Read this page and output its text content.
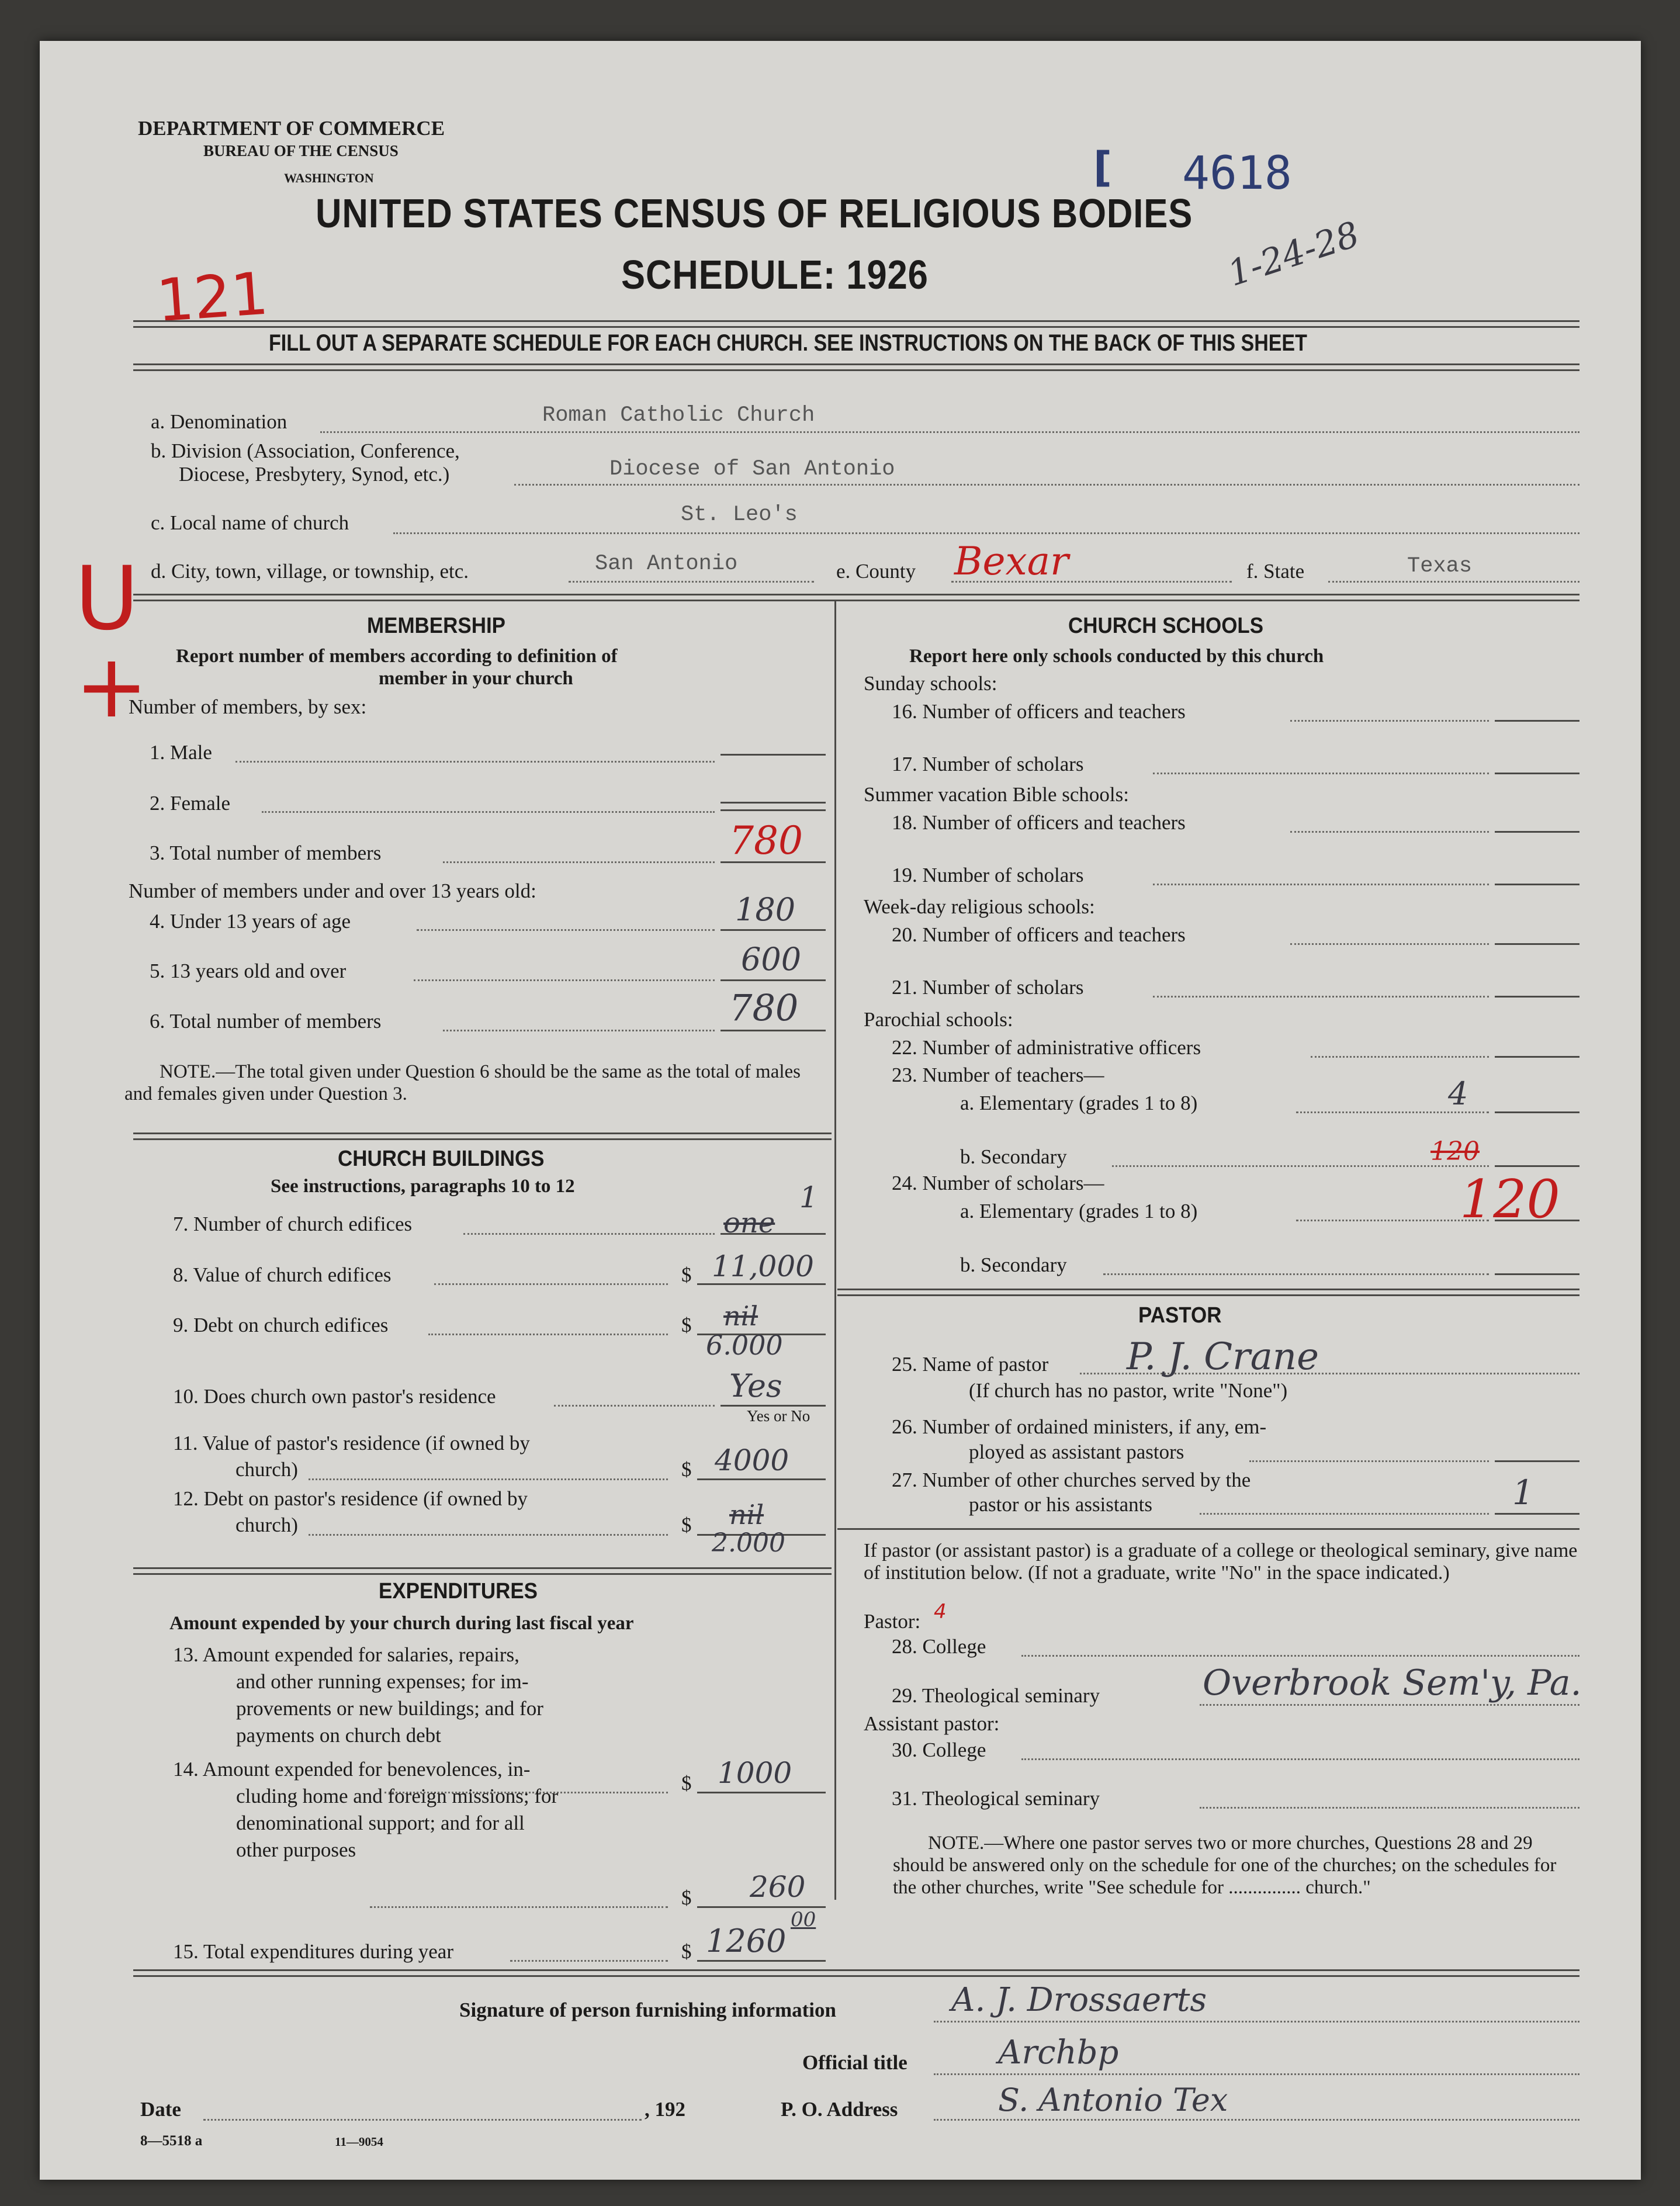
DEPARTMENT OF COMMERCE
BUREAU OF THE CENSUS
WASHINGTON	4618
[
UNITED STATES CENSUS OF RELIGIOUS BODIES
SCHEDULE: 1926
121
1-24-28
U+
FILL OUT A SEPARATE SCHEDULE FOR EACH CHURCH. SEE INSTRUCTIONS ON THE BACK OF THIS SHEET
a. Denomination	Roman Catholic Church
b. Division (Association, Conference,
Diocese, Presbytery, Synod, etc.)	Diocese of San Antonio
St. Leo's
c. Local name of church
d. City, town, village, or township, etc.	San Antonio	e. County Bexar	f. State	Texas
MEMBERSHIP
Report number of members according to definition of
member in your church
Number of members, by sex:
1. Male
2. Female
3. Total number of members	780
Number of members under and over 13 years old:
4. Under 13 years of age	180
5. 13 years old and over	600
6. Total number of members	780
NOTE.—The total given under Question 6 should be the same as the total of males and females given under Question 3.
CHURCH BUILDINGS
See instructions, paragraphs 10 to 12
7. Number of church edifices	one
1
8. Value of church edifices	$ 11,000
9. Debt on church edifices	$ nil
6.000
10. Does church own pastor's residence	Yes
Yes or No
11. Value of pastor's residence (if owned by
church)	$ 4000
12. Debt on pastor's residence (if owned by
church)	$ nil
2.000
EXPENDITURES
Amount expended by your church during last fiscal year
13. Amount expended for salaries, repairs,
and other running expenses; for im-
provements or new buildings; and for
payments on church debt
$ 1000
14. Amount expended for benevolences, in-
cluding home and foreign missions; for
denominational support; and for all
other purposes
$ 260
15. Total expenditures during year	$ 1260
00
CHURCH SCHOOLS
Report here only schools conducted by this church
Sunday schools:
16. Number of officers and teachers
17. Number of scholars
Summer vacation Bible schools:
18. Number of officers and teachers
19. Number of scholars
Week-day religious schools:
20. Number of officers and teachers
21. Number of scholars
Parochial schools:
22. Number of administrative officers
23. Number of teachers—
a. Elementary (grades 1 to 8)	4
b. Secondary	120
24. Number of scholars—
a. Elementary (grades 1 to 8)	120
b. Secondary
PASTOR
25. Name of pastor P. J. Crane
(If church has no pastor, write "None")
26. Number of ordained ministers, if any, em-
ployed as assistant pastors
27. Number of other churches served by the
pastor or his assistants	1
If pastor (or assistant pastor) is a graduate of a college or theological seminary, give name of institution below. (If not a graduate, write "No" in the space indicated.)
Pastor: 4
28. College
29. Theological seminary	Overbrook Sem'y, Pa.
Assistant pastor:
30. College
31. Theological seminary
NOTE.—Where one pastor serves two or more churches, Questions 28 and 29 should be answered only on the schedule for one of the churches; on the schedules for the other churches, write "See schedule for ............... church."
Signature of person furnishing information	A. J. Drossaerts
Official title	Archbp
Date	, 192	P. O. Address	S. Antonio Tex
8—5518 a	11—9054
